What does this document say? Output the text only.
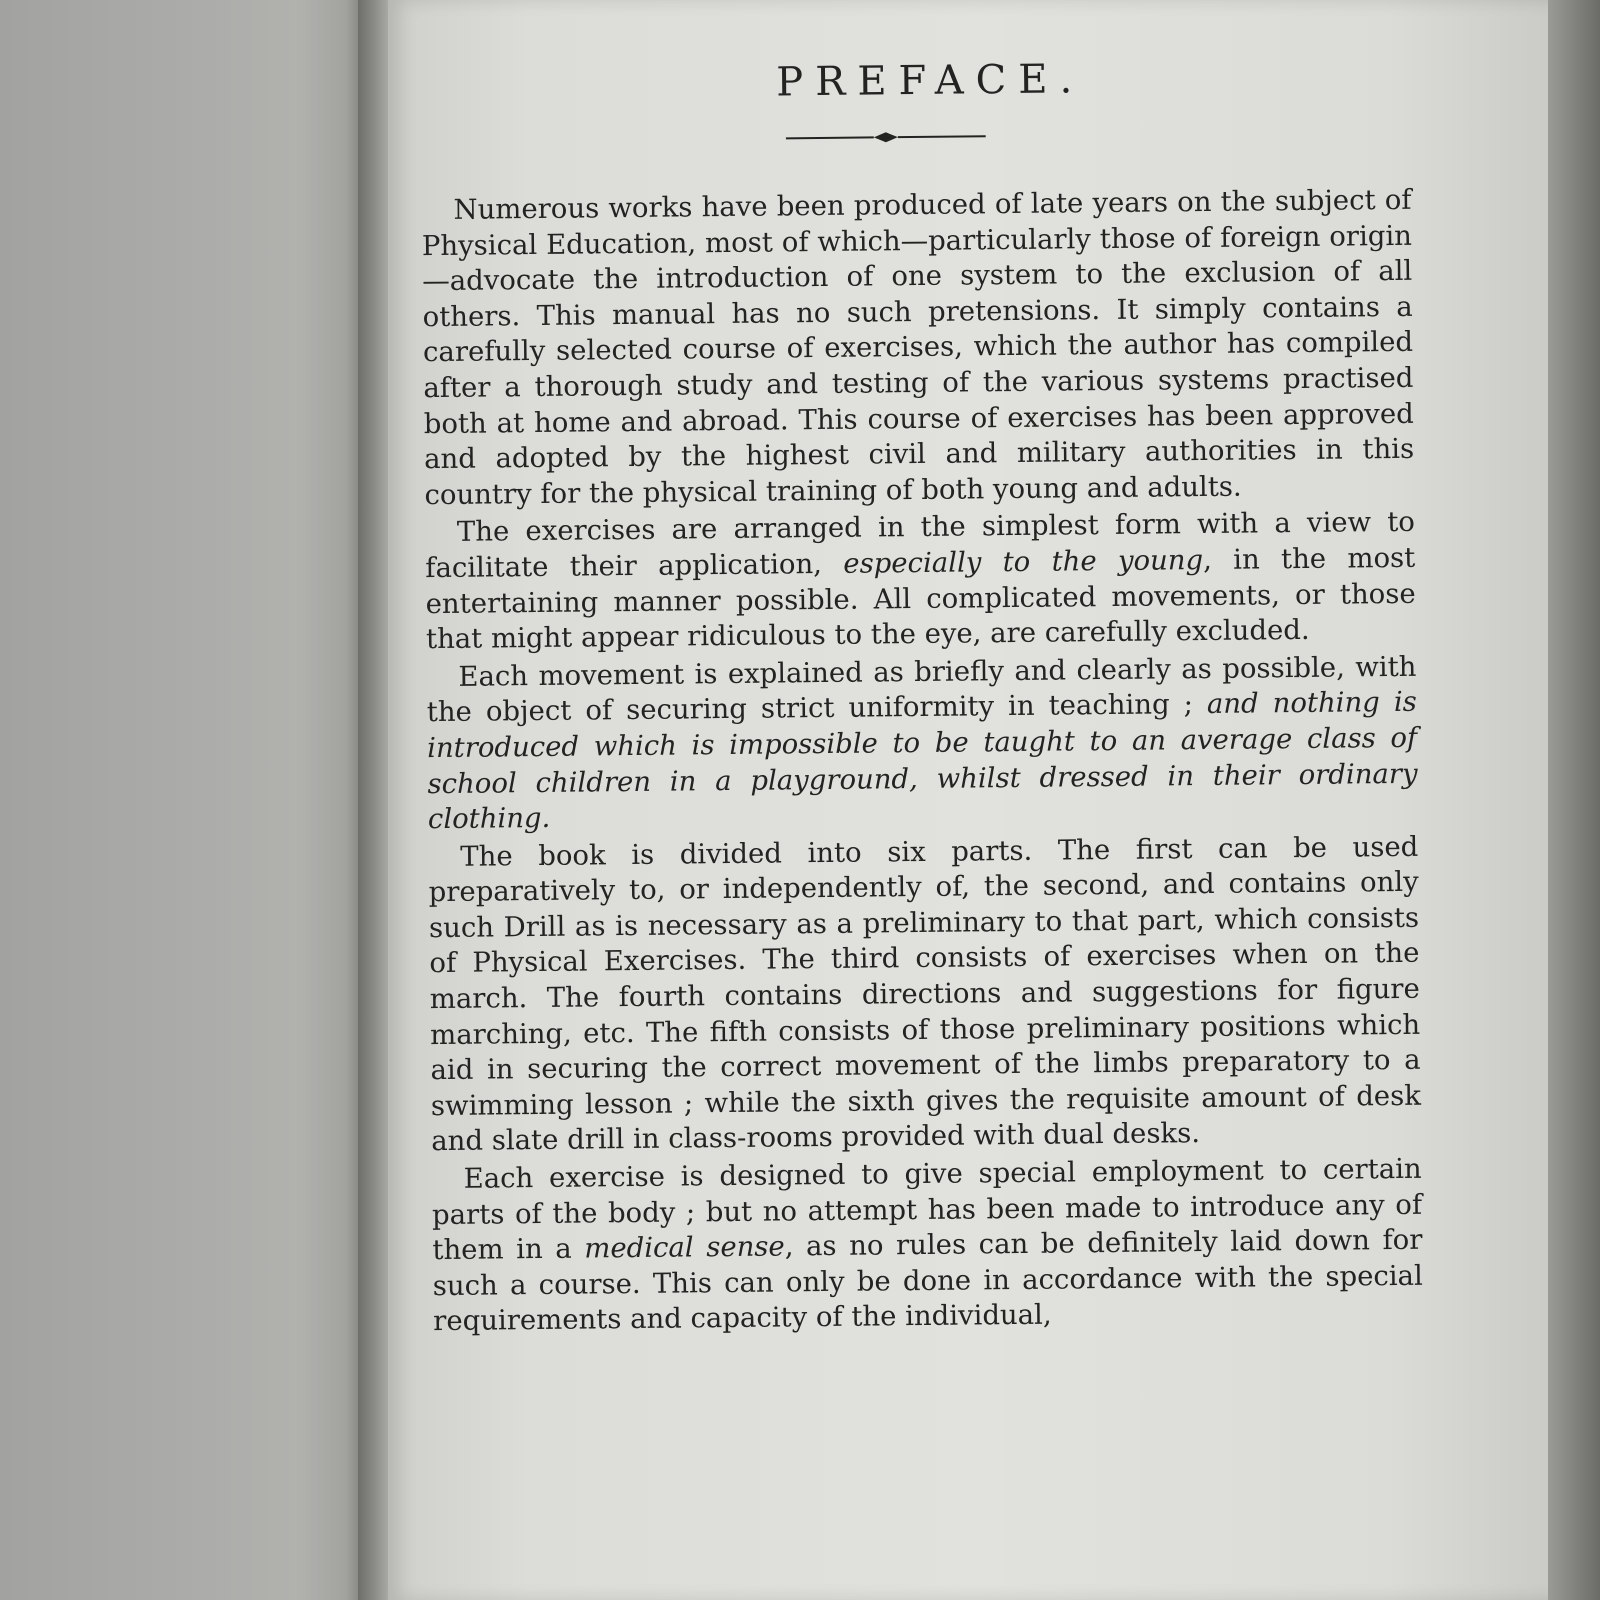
PREFACE.

Numerous works have been produced of late years on the subject of Physical Education, most of which—particularly those of foreign origin—advocate the introduction of one system to the exclusion of all others. This manual has no such pretensions. It simply contains a carefully selected course of exercises, which the author has compiled after a thorough study and testing of the various systems practised both at home and abroad. This course of exercises has been approved and adopted by the highest civil and military authorities in this country for the physical training of both young and adults.

The exercises are arranged in the simplest form with a view to facilitate their application, especially to the young, in the most entertaining manner possible. All complicated movements, or those that might appear ridiculous to the eye, are carefully excluded.

Each movement is explained as briefly and clearly as possible, with the object of securing strict uniformity in teaching ; and nothing is introduced which is impossible to be taught to an average class of school children in a playground, whilst dressed in their ordinary clothing.

The book is divided into six parts. The first can be used preparatively to, or independently of, the second, and contains only such Drill as is necessary as a preliminary to that part, which consists of Physical Exercises. The third consists of exercises when on the march. The fourth contains directions and suggestions for figure marching, etc. The fifth consists of those preliminary positions which aid in securing the correct movement of the limbs preparatory to a swimming lesson ; while the sixth gives the requisite amount of desk and slate drill in class-rooms provided with dual desks.

Each exercise is designed to give special employment to certain parts of the body ; but no attempt has been made to introduce any of them in a medical sense, as no rules can be definitely laid down for such a course. This can only be done in accordance with the special requirements and capacity of the individual,
